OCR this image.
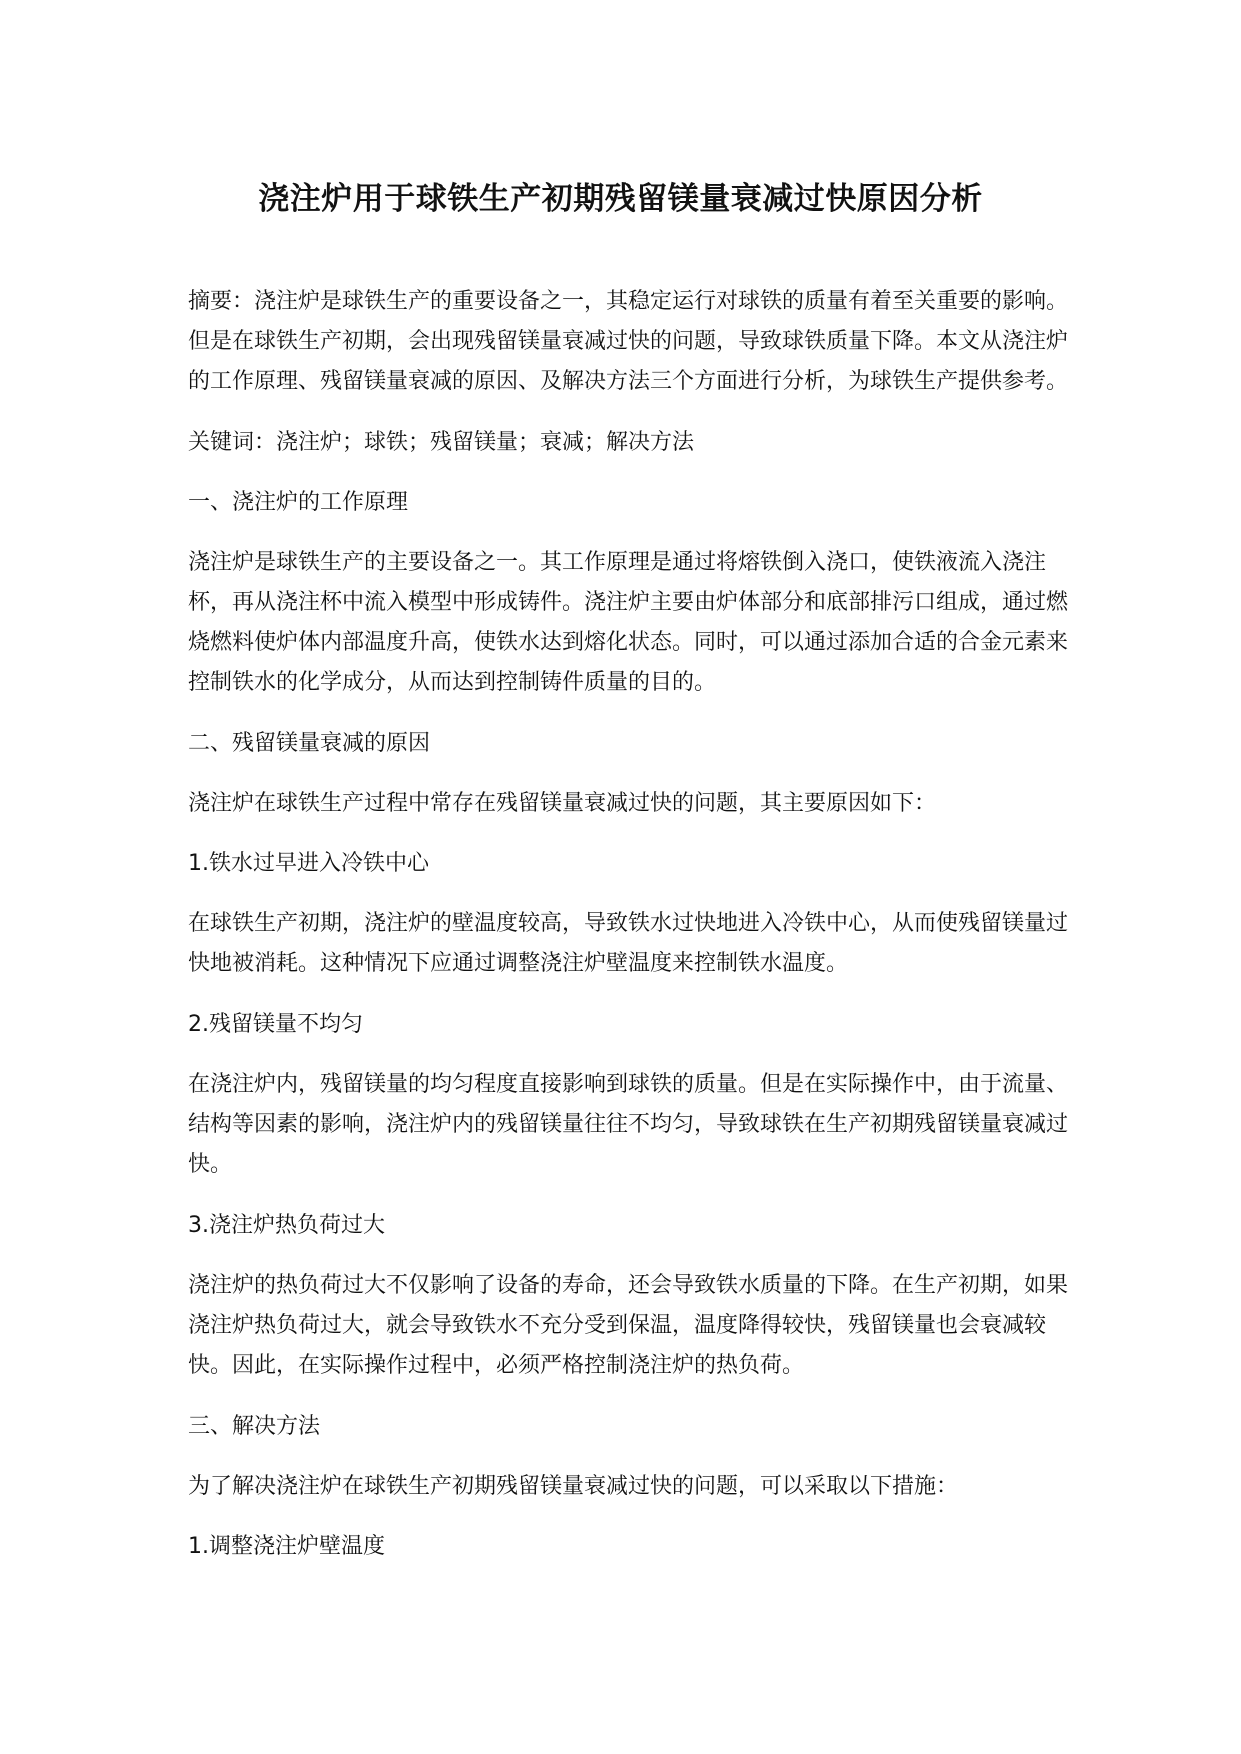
浇注炉用于球铁生产初期残留镁量衰减过快原因分析

摘要：浇注炉是球铁生产的重要设备之一，其稳定运行对球铁的质量有着至关重要的影响。但是在球铁生产初期，会出现残留镁量衰减过快的问题，导致球铁质量下降。本文从浇注炉的工作原理、残留镁量衰减的原因、及解决方法三个方面进行分析，为球铁生产提供参考。

关键词：浇注炉；球铁；残留镁量；衰减；解决方法

一、浇注炉的工作原理

浇注炉是球铁生产的主要设备之一。其工作原理是通过将熔铁倒入浇口，使铁液流入浇注杯，再从浇注杯中流入模型中形成铸件。浇注炉主要由炉体部分和底部排污口组成，通过燃烧燃料使炉体内部温度升高，使铁水达到熔化状态。同时，可以通过添加合适的合金元素来控制铁水的化学成分，从而达到控制铸件质量的目的。

二、残留镁量衰减的原因

浇注炉在球铁生产过程中常存在残留镁量衰减过快的问题，其主要原因如下：

1.铁水过早进入冷铁中心

在球铁生产初期，浇注炉的壁温度较高，导致铁水过快地进入冷铁中心，从而使残留镁量过快地被消耗。这种情况下应通过调整浇注炉壁温度来控制铁水温度。

2.残留镁量不均匀

在浇注炉内，残留镁量的均匀程度直接影响到球铁的质量。但是在实际操作中，由于流量、结构等因素的影响，浇注炉内的残留镁量往往不均匀，导致球铁在生产初期残留镁量衰减过快。

3.浇注炉热负荷过大

浇注炉的热负荷过大不仅影响了设备的寿命，还会导致铁水质量的下降。在生产初期，如果浇注炉热负荷过大，就会导致铁水不充分受到保温，温度降得较快，残留镁量也会衰减较快。因此，在实际操作过程中，必须严格控制浇注炉的热负荷。

三、解决方法

为了解决浇注炉在球铁生产初期残留镁量衰减过快的问题，可以采取以下措施：

1.调整浇注炉壁温度
